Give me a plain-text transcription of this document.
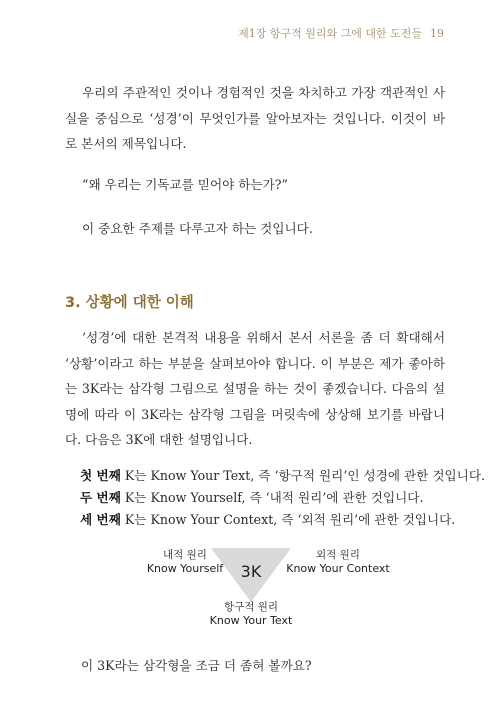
제1장 항구적 원리와 그에 대한 도전들 19

우리의 주관적인 것이나 경험적인 것을 차치하고 가장 객관적인 사실을 중심으로 ‘성경’이 무엇인가를 알아보자는 것입니다. 이것이 바로 본서의 제목입니다.

“왜 우리는 기독교를 믿어야 하는가?”

이 중요한 주제를 다루고자 하는 것입니다.

3. 상황에 대한 이해

‘성경’에 대한 본격적 내용을 위해서 본서 서론을 좀 더 확대해서 ‘상황’이라고 하는 부분을 살펴보아야 합니다. 이 부분은 제가 좋아하는 3K라는 삼각형 그림으로 설명을 하는 것이 좋겠습니다. 다음의 설명에 따라 이 3K라는 삼각형 그림을 머릿속에 상상해 보기를 바랍니다. 다음은 3K에 대한 설명입니다.

첫 번째 K는 Know Your Text, 즉 ‘항구적 원리’인 성경에 관한 것입니다.
두 번째 K는 Know Yourself, 즉 ‘내적 원리’에 관한 것입니다.
세 번째 K는 Know Your Context, 즉 ‘외적 원리’에 관한 것입니다.
3K
내적 원리
Know Yourself
외적 원리
Know Your Context
항구적 원리
Know Your Text
이 3K라는 삼각형을 조금 더 좀혀 볼까요?
